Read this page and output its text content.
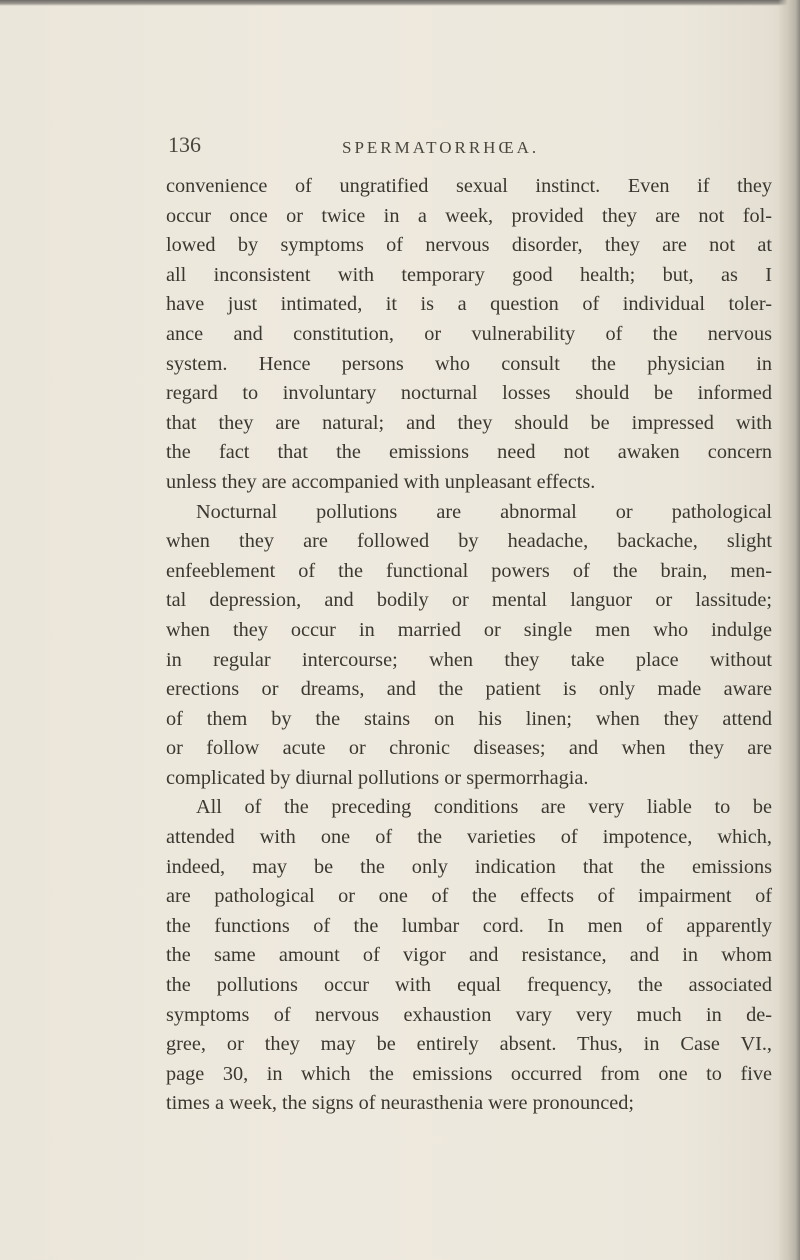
136	SPERMATORRHŒA.
convenience of ungratified sexual instinct. Even if they
occur once or twice in a week, provided they are not fol-
lowed by symptoms of nervous disorder, they are not at
all inconsistent with temporary good health; but, as I
have just intimated, it is a question of individual toler-
ance and constitution, or vulnerability of the nervous
system. Hence persons who consult the physician in
regard to involuntary nocturnal losses should be informed
that they are natural; and they should be impressed with
the fact that the emissions need not awaken concern
unless they are accompanied with unpleasant effects.
Nocturnal pollutions are abnormal or pathological
when they are followed by headache, backache, slight
enfeeblement of the functional powers of the brain, men-
tal depression, and bodily or mental languor or lassitude;
when they occur in married or single men who indulge
in regular intercourse; when they take place without
erections or dreams, and the patient is only made aware
of them by the stains on his linen; when they attend
or follow acute or chronic diseases; and when they are
complicated by diurnal pollutions or spermorrhagia.
All of the preceding conditions are very liable to be
attended with one of the varieties of impotence, which,
indeed, may be the only indication that the emissions
are pathological or one of the effects of impairment of
the functions of the lumbar cord. In men of apparently
the same amount of vigor and resistance, and in whom
the pollutions occur with equal frequency, the associated
symptoms of nervous exhaustion vary very much in de-
gree, or they may be entirely absent. Thus, in Case VI.,
page 30, in which the emissions occurred from one to five
times a week, the signs of neurasthenia were pronounced;
